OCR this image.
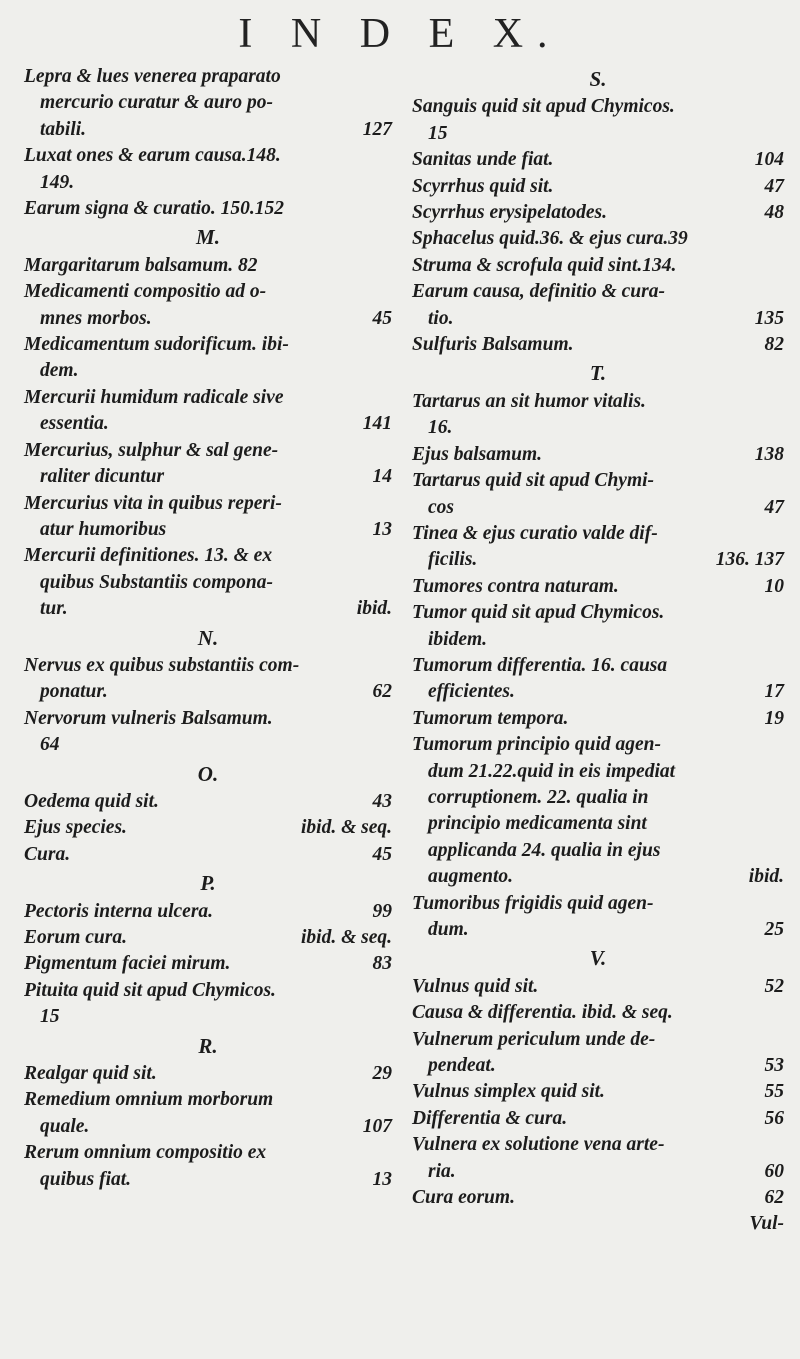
I N D E X.
Lepra & lues venerea praparato
mercurio curatur & auro po-
127
tabili.
Luxat ones & earum causa.148.
149.
Earum signa & curatio. 150.152
M.
Margaritarum balsamum. 82
Medicamenti compositio ad o-
45
mnes morbos.
Medicamentum sudorificum. ibi-
dem.
Mercurii humidum radicale sive
141
essentia.
Mercurius, sulphur & sal gene-
14
raliter dicuntur
Mercurius vita in quibus reperi-
13
atur humoribus
Mercurii definitiones. 13. & ex
quibus Substantiis compona-
ibid.
tur.
N.
Nervus ex quibus substantiis com-
62
ponatur.
Nervorum vulneris Balsamum.
64
O.
43
Oedema quid sit.
ibid. & seq.
Ejus species.
45
Cura.
P.
99
Pectoris interna ulcera.
ibid. & seq.
Eorum cura.
83
Pigmentum faciei mirum.
Pituita quid sit apud Chymicos.
15
R.
29
Realgar quid sit.
Remedium omnium morborum
107
quale.
Rerum omnium compositio ex
13
quibus fiat.
S.
Sanguis quid sit apud Chymicos.
15
104
Sanitas unde fiat.
47
Scyrrhus quid sit.
48
Scyrrhus erysipelatodes.
Sphacelus quid.36. & ejus cura.39
Struma & scrofula quid sint.134.
Earum causa, definitio & cura-
135
tio.
82
Sulfuris Balsamum.
T.
Tartarus an sit humor vitalis.
16.
138
Ejus balsamum.
Tartarus quid sit apud Chymi-
47
cos
Tinea & ejus curatio valde dif-
136. 137
ficilis.
10
Tumores contra naturam.
Tumor quid sit apud Chymicos.
ibidem.
Tumorum differentia. 16. causa
17
efficientes.
19
Tumorum tempora.
Tumorum principio quid agen-
dum 21.22.quid in eis impediat
corruptionem. 22. qualia in
principio medicamenta sint
applicanda 24. qualia in ejus
ibid.
augmento.
Tumoribus frigidis quid agen-
25
dum.
V.
52
Vulnus quid sit.
Causa & differentia. ibid. & seq.
Vulnerum periculum unde de-
53
pendeat.
55
Vulnus simplex quid sit.
56
Differentia & cura.
Vulnera ex solutione vena arte-
60
ria.
62
Cura eorum.
Vul-
